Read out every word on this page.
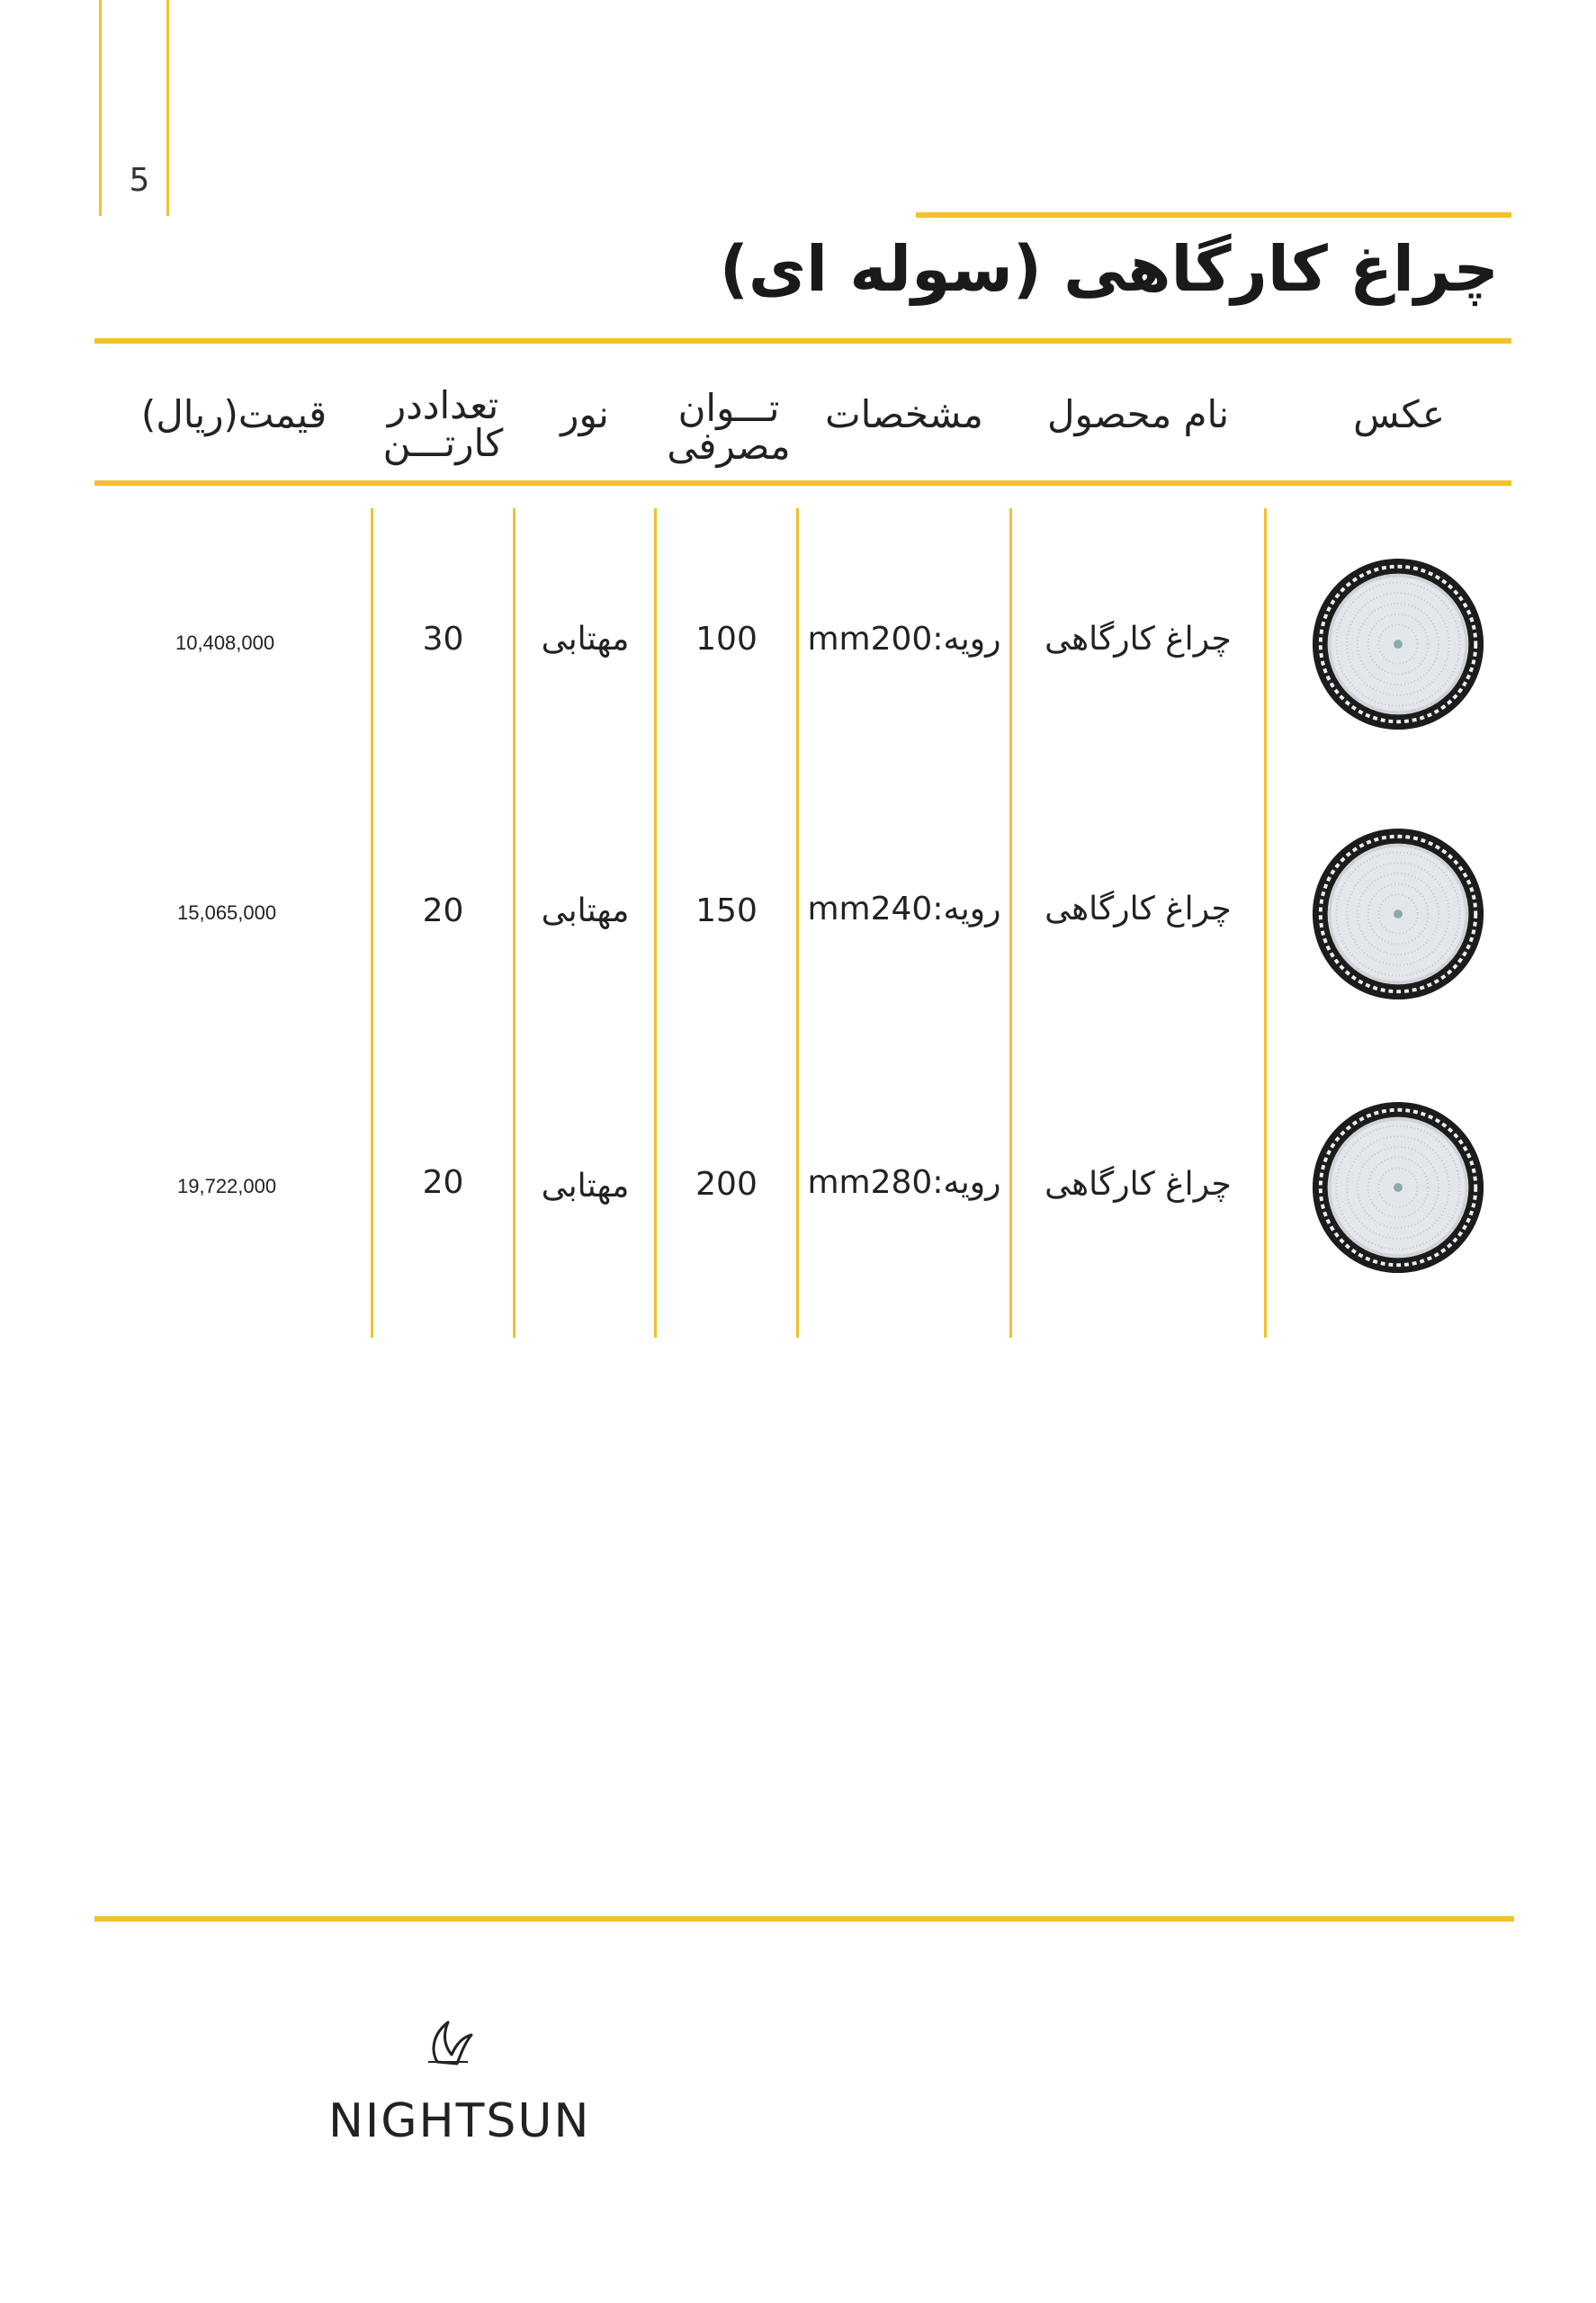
5
چراغ کارگاهی (سوله ای)
عکس
نام محصول
مشخصات
تـــوان
مصرفی
نور
تعداددر
کارتـــن
قیمت(ریال)
چراغ کارگاهی
رویه:mm200
100
مهتابی
30
10,408,000
چراغ کارگاهی
رویه:mm240
150
مهتابی
20
15,065,000
چراغ کارگاهی
رویه:mm280
200
مهتابی
20
19,722,000
NIGHTSUN
